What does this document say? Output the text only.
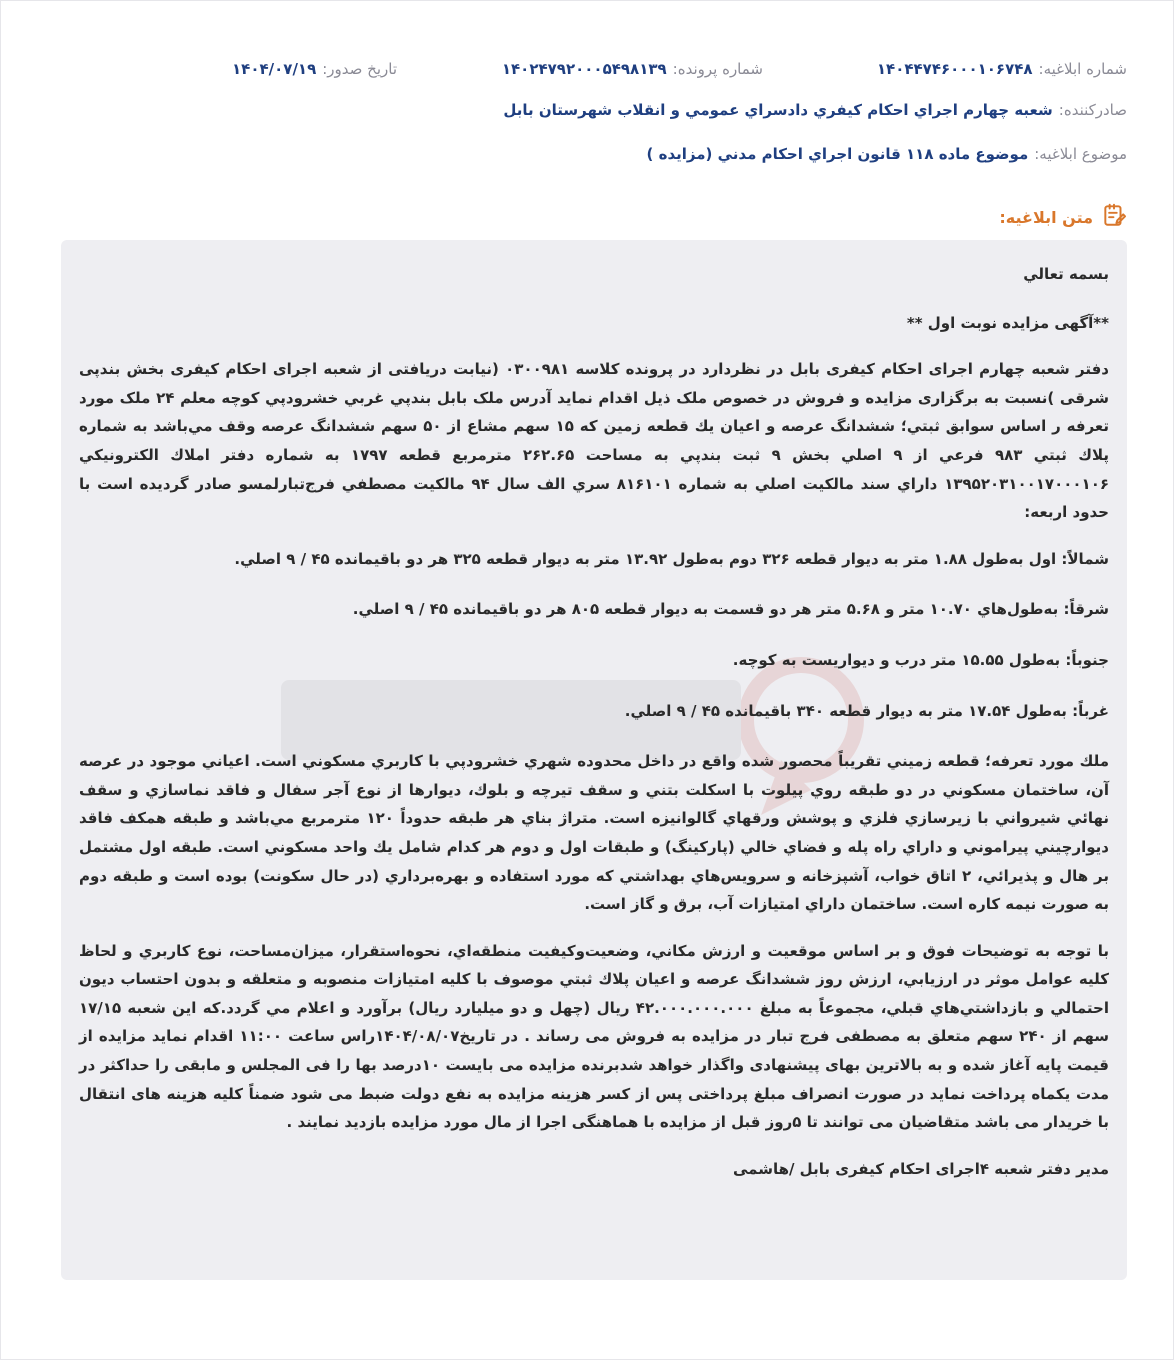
شماره ابلاغيه:
۱۴۰۴۴۷۴۶۰۰۰۱۰۶۷۴۸
شماره پرونده:
۱۴۰۲۴۷۹۲۰۰۰۵۴۹۸۱۳۹
تاريخ صدور:
۱۴۰۴/۰۷/۱۹
صادرکننده:
شعبه چهارم اجراي احکام کيفري دادسراي عمومي و انقلاب شهرستان بابل
موضوع ابلاغيه:
موضوع ماده ۱۱۸ قانون اجراي احکام مدني (مزايده )
متن ابلاغیه:

بسمه تعالي

**آگهی مزایده نوبت اول **

دفتر شعبه چهارم اجرای احکام کیفری بابل در نظردارد در پرونده کلاسه ۰۳۰۰۹۸۱ (نیابت دریافتی از شعبه اجرای احکام کیفری بخش بندپی شرقی )نسبت به برگزاری مزایده و فروش در خصوص ملک ذیل اقدام نماید آدرس ملک بابل بندپي غربي خشرودپي کوچه معلم ۲۴ ملک مورد تعرفه ر اساس سوابق ثبتي؛ ششدانگ عرصه و اعيان يك قطعه زمين كه ۱۵ سهم مشاع از ۵۰ سهم ششدانگ عرصه وقف مي‌باشد به شماره پلاك ثبتي ۹۸۳ فرعي از ۹ اصلي بخش ۹ ثبت بندپي به مساحت ۲۶۲.۶۵ مترمربع قطعه ۱۷۹۷ به شماره دفتر املاك الكترونيكي ۱۳۹۵۲۰۳۱۰۰۱۷۰۰۰۱۰۶ داراي سند مالكيت اصلي به شماره ۸۱۶۱۰۱ سري الف سال ۹۴ مالكيت مصطفي فرج‌تبارلمسو صادر گرديده است با حدود اربعه:

شمالاً: اول به‌طول ۱.۸۸ متر به ديوار قطعه ۳۲۶ دوم به‌طول ۱۳.۹۲ متر به ديوار قطعه ۳۲۵ هر دو باقيمانده ۴۵ / ۹ اصلي.

شرقاً: به‌طول‌هاي ۱۰.۷۰ متر و ۵.۶۸ متر هر دو قسمت به ديوار قطعه ۸۰۵ هر دو باقيمانده ۴۵ / ۹ اصلي.

جنوباً: به‌طول ۱۵.۵۵ متر درب و ديواريست به كوچه.

غرباً: به‌طول ۱۷.۵۴ متر به ديوار قطعه ۳۴۰ باقيمانده ۴۵ / ۹ اصلي.

ملك مورد تعرفه؛ قطعه زميني تقريباً محصور شده واقع در داخل محدوده شهري خشرودپي با كاربري مسكوني است. اعياني موجود در عرصه آن، ساختمان مسكوني در دو طبقه روي پيلوت با اسكلت بتني و سقف تيرچه و بلوك، ديوارها از نوع آجر سفال و فاقد نماسازي و سقف نهائي شيرواني با زيرسازي فلزي و پوشش ورقهاي گالوانيزه است. متراژ بناي هر طبقه حدوداً ۱۲۰ مترمربع مي‌باشد و طبقه همكف فاقد ديوارچيني پيراموني و داراي راه پله و فضاي خالي (پاركينگ) و طبقات اول و دوم هر كدام شامل يك واحد مسكوني است. طبقه اول مشتمل بر هال و پذيرائي، ۲ اتاق خواب، آشپزخانه و سرويس‌هاي بهداشتي كه مورد استفاده و بهره‌برداري (در حال سكونت) بوده است و طبقه دوم به صورت نيمه كاره است. ساختمان داراي امتيازات آب، برق و گاز است.

با توجه به توضيحات فوق و بر اساس موقعيت و ارزش مكاني، وضعيت‌وكيفيت منطقه‌اي، نحوه‌استقرار، ميزان‌مساحت، نوع كاربري و لحاظ كليه عوامل موثر در ارزيابي، ارزش روز ششدانگ عرصه و اعيان پلاك ثبتي موصوف با كليه امتيازات منصوبه و متعلقه و بدون احتساب ديون احتمالي و بازداشتي‌هاي قبلي، مجموعاً به مبلغ ۴۲.۰۰۰.۰۰۰.۰۰۰ ريال (چهل و دو ميليارد ريال) برآورد و اعلام مي گردد.كه اين شعبه ۱۷/۱۵ سهم از ۲۴۰ سهم متعلق به مصطفی فرج تبار در مزایده به فروش می رساند . در تاریخ۱۴۰۴/۰۸/۰۷راس ساعت ۱۱:۰۰ اقدام نماید مزایده از قیمت پایه آغاز شده و به بالاترین بهای پیشنهادی واگذار خواهد شدبرنده مزایده می بایست ۱۰درصد بها را فی المجلس و مابقی را حداکثر در مدت یکماه پرداخت نماید در صورت انصراف مبلغ پرداختی پس از کسر هزینه مزایده به نفع دولت ضبط می شود ضمناً کلیه هزینه های انتقال با خریدار می باشد متقاضیان می توانند تا ۵روز قبل از مزایده با هماهنگی اجرا از مال مورد مزایده بازدید نمایند .

مدیر دفتر شعبه ۴اجرای احکام کیفری بابل /هاشمی
